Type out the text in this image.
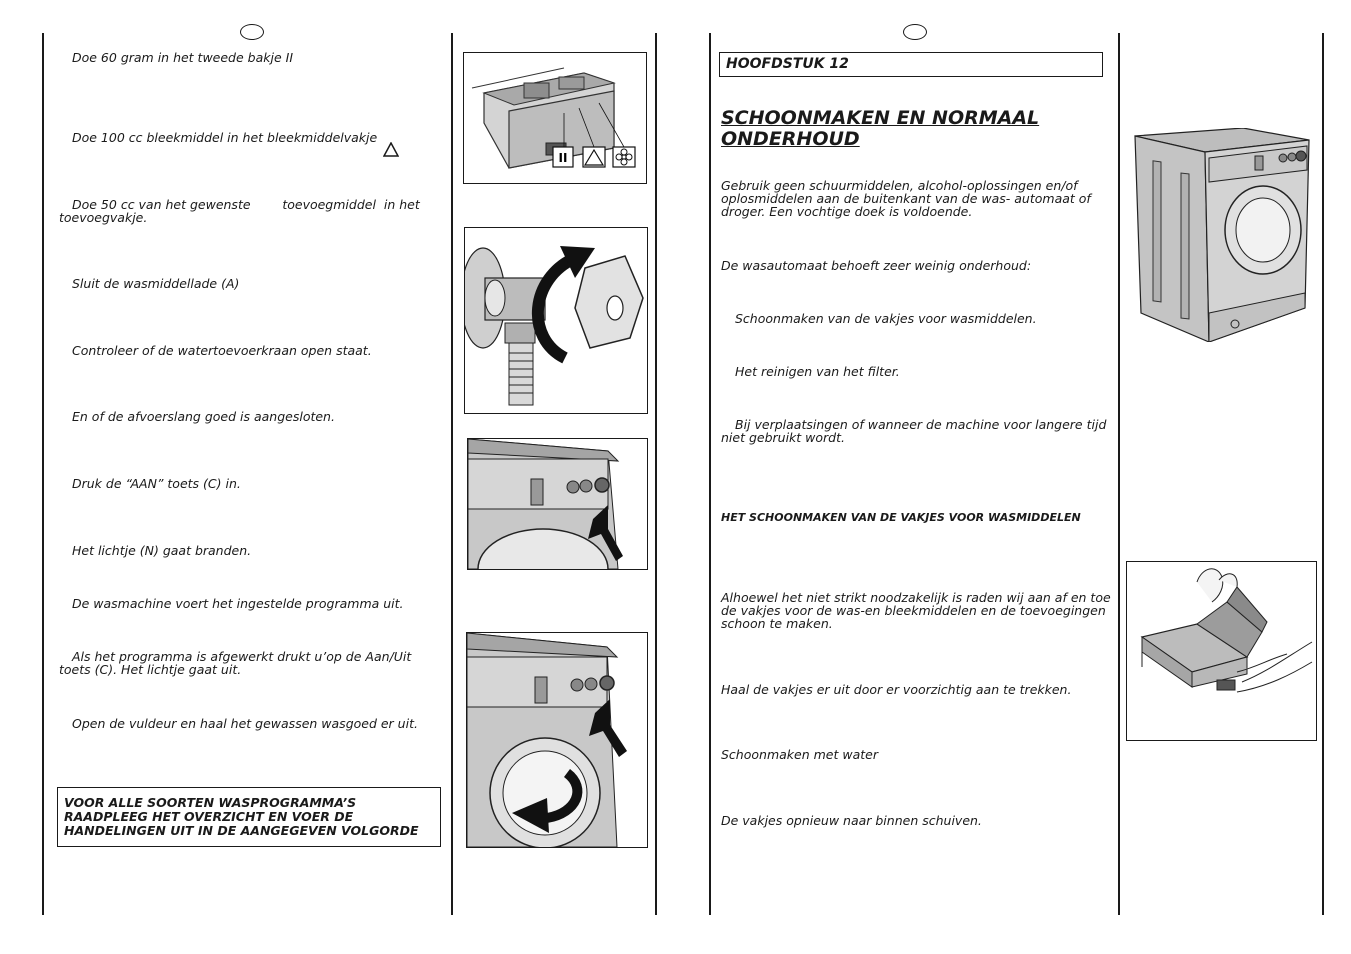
Doe 60 gram in het tweede bakje II

Doe 100 cc bleekmiddel in het bleekmiddelvakje

Doe 50 cc van het gewenste        toevoegmiddel  in het toevoegvakje.

Sluit de wasmiddellade (A)

Controleer of de watertoevoerkraan open staat.

En of de afvoerslang goed is aangesloten.

Druk de “AAN” toets (C) in.

Het lichtje (N) gaat branden.

De wasmachine voert het ingestelde programma uit.

Als het programma is afgewerkt drukt u’op de Aan/Uit toets (C). Het lichtje gaat uit.

Open de vuldeur en haal het gewassen wasgoed er uit.

VOOR ALLE SOORTEN WASPROGRAMMA’S RAADPLEEG HET OVERZICHT EN VOER DE HANDELINGEN UIT IN DE AANGEGEVEN VOLGORDE
II
HOOFDSTUK 12
SCHOONMAKEN EN NORMAAL ONDERHOUD

Gebruik geen schuurmiddelen, alcohol-oplossingen en/of oplosmiddelen aan de buitenkant van de was- automaat of droger. Een vochtige doek is voldoende.

De wasautomaat behoeft zeer weinig onderhoud:

Schoonmaken van de vakjes voor wasmiddelen.

Het reinigen van het filter.

Bij verplaatsingen of wanneer de machine voor langere tijd niet gebruikt wordt.

HET SCHOONMAKEN VAN DE VAKJES VOOR WASMIDDELEN

Alhoewel het niet strikt noodzakelijk is raden wij aan af en toe de vakjes voor de was-en bleekmiddelen en de toevoegingen schoon te maken.

Haal de vakjes er uit door er voorzichtig aan te trekken.

Schoonmaken met water

De vakjes opnieuw naar binnen schuiven.
